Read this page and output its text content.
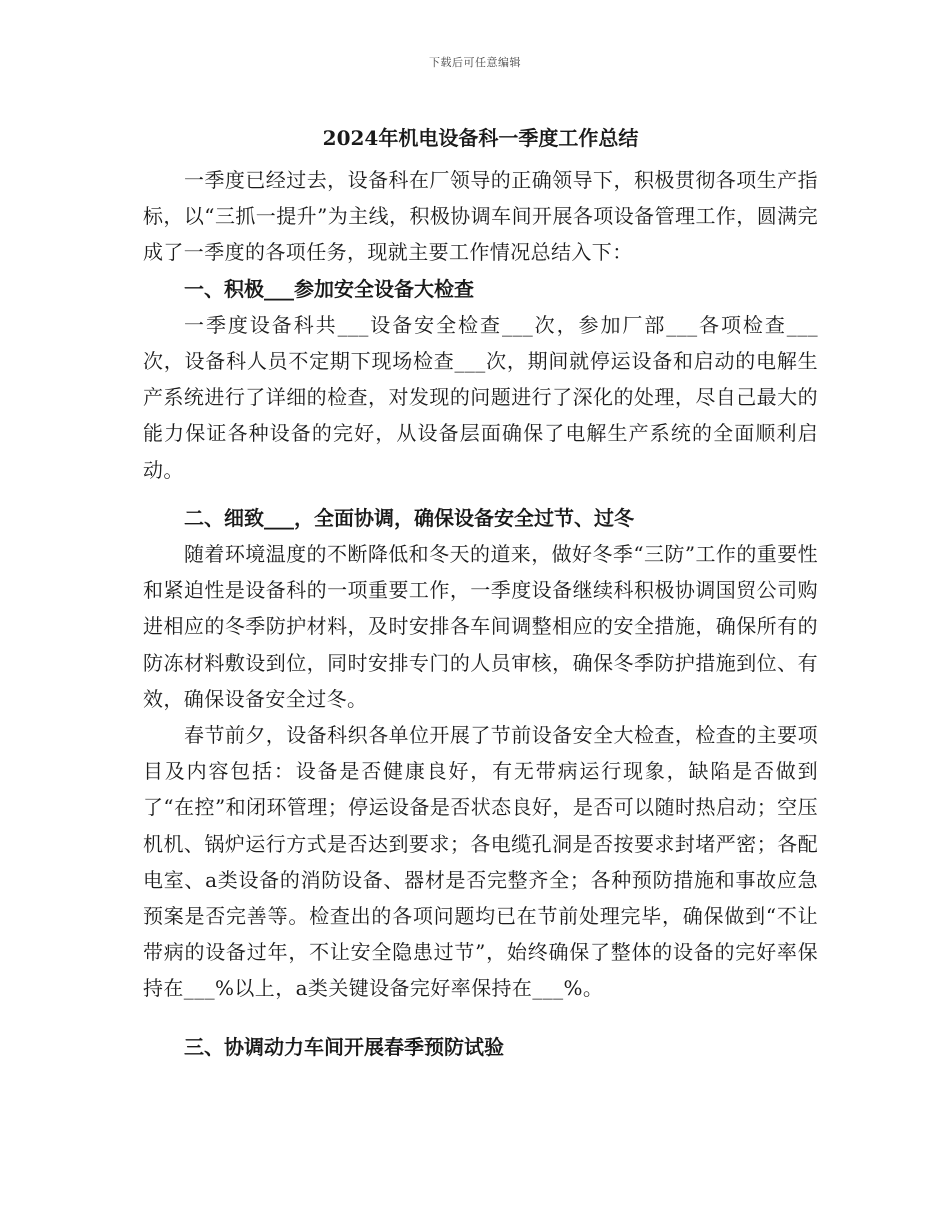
下载后可任意编辑
2024年机电设备科一季度工作总结

一季度已经过去，设备科在厂领导的正确领导下，积极贯彻各项生产指标，以“三抓一提升”为主线，积极协调车间开展各项设备管理工作，圆满完成了一季度的各项任务，现就主要工作情况总结入下：

一、积极___参加安全设备大检查

一季度设备科共___设备安全检查___次，参加厂部___各项检查___次，设备科人员不定期下现场检查___次，期间就停运设备和启动的电解生产系统进行了详细的检查，对发现的问题进行了深化的处理，尽自己最大的能力保证各种设备的完好，从设备层面确保了电解生产系统的全面顺利启动。

二、细致___，全面协调，确保设备安全过节、过冬

随着环境温度的不断降低和冬天的道来，做好冬季“三防”工作的重要性和紧迫性是设备科的一项重要工作，一季度设备继续科积极协调国贸公司购进相应的冬季防护材料，及时安排各车间调整相应的安全措施，确保所有的防冻材料敷设到位，同时安排专门的人员审核，确保冬季防护措施到位、有效，确保设备安全过冬。

春节前夕，设备科织各单位开展了节前设备安全大检查，检查的主要项目及内容包括：设备是否健康良好，有无带病运行现象，缺陷是否做到了“在控”和闭环管理；停运设备是否状态良好，是否可以随时热启动；空压机机、锅炉运行方式是否达到要求；各电缆孔洞是否按要求封堵严密；各配电室、a类设备的消防设备、器材是否完整齐全；各种预防措施和事故应急预案是否完善等。检查出的各项问题均已在节前处理完毕，确保做到“不让带病的设备过年，不让安全隐患过节”，始终确保了整体的设备的完好率保持在___%以上，a类关键设备完好率保持在___%。

三、协调动力车间开展春季预防试验
